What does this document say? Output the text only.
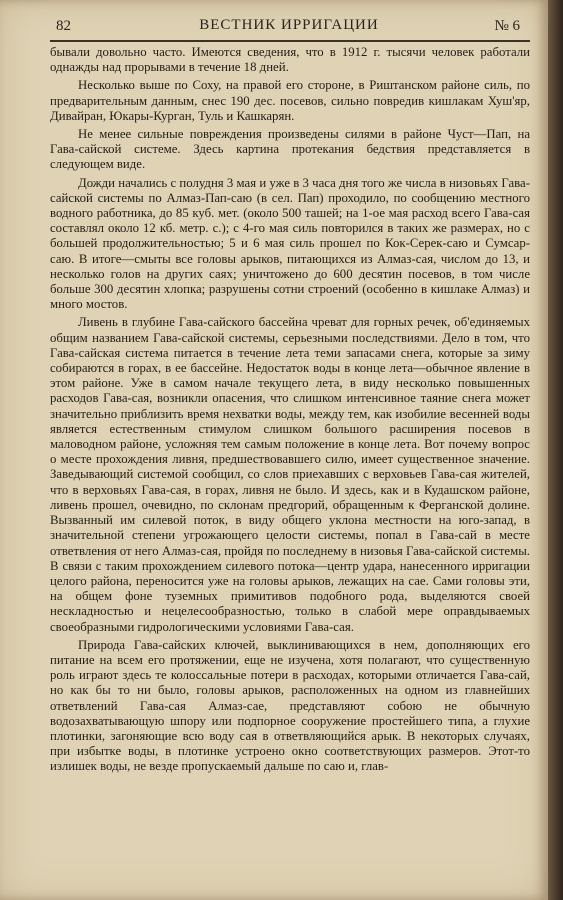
82	ВЕСТНИК ИРРИГАЦИИ	№ 6

бывали довольно часто. Имеются сведения, что в 1912 г. тысячи человек работали однажды над прорывами в течение 18 дней.

Несколько выше по Соху, на правой его стороне, в Риштанском районе силь, по предварительным данным, снес 190 дес. посевов, сильно повредив кишлакам Хуш'яр, Дивайран, Юкары-Курган, Туль и Кашкарян.

Не менее сильные повреждения произведены силями в районе Чуст—Пап, на Гава-сайской системе. Здесь картина протекания бедствия представляется в следующем виде.

Дожди начались с полудня 3 мая и уже в 3 часа дня того же числа в низовьях Гава-сайской системы по Алмаз-Пап-саю (в сел. Пап) проходило, по сообщению местного водного работника, до 85 куб. мет. (около 500 ташей; на 1-ое мая расход всего Гава-сая составлял около 12 кб. метр. с.); с 4-го мая силь повторился в таких же размерах, но с большей продолжительностью; 5 и 6 мая силь прошел по Кок-Серек-саю и Сумсар-саю. В итоге—смыты все головы арыков, питающихся из Алмаз-сая, числом до 13, и несколько голов на других саях; уничтожено до 600 десятин посевов, в том числе больше 300 десятин хлопка; разрушены сотни строений (особенно в кишлаке Алмаз) и много мостов.

Ливень в глубине Гава-сайского бассейна чреват для горных речек, об'единяемых общим названием Гава-сайской системы, серьезными последствиями. Дело в том, что Гава-сайская система питается в течение лета теми запасами снега, которые за зиму собираются в горах, в ее бассейне. Недостаток воды в конце лета—обычное явление в этом районе. Уже в самом начале текущего лета, в виду несколько повышенных расходов Гава-сая, возникли опасения, что слишком интенсивное таяние снега может значительно приблизить время нехватки воды, между тем, как изобилие весенней воды является естественным стимулом слишком большого расширения посевов в маловодном районе, усложняя тем самым положение в конце лета. Вот почему вопрос о месте прохождения ливня, предшествовавшего силю, имеет существенное значение. Заведывающий системой сообщил, со слов приехавших с верховьев Гава-сая жителей, что в верховьях Гава-сая, в горах, ливня не было. И здесь, как и в Кудашском районе, ливень прошел, очевидно, по склонам предгорий, обращенным к Ферганской долине. Вызванный им силевой поток, в виду общего уклона местности на юго-запад, в значительной степени угрожающего целости системы, попал в Гава-сай в месте ответвления от него Алмаз-сая, пройдя по последнему в низовья Гава-сайской системы. В связи с таким прохождением силевого потока—центр удара, нанесенного ирригации целого района, переносится уже на головы арыков, лежащих на сае. Сами головы эти, на общем фоне туземных примитивов подобного рода, выделяются своей нескладностью и нецелесообразностью, только в слабой мере оправдываемых своеобразными гидрологическими условиями Гава-сая.

Природа Гава-сайских ключей, выклинивающихся в нем, дополняющих его питание на всем его протяжении, еще не изучена, хотя полагают, что существенную роль играют здесь те колоссальные потери в расходах, которыми отличается Гава-сай, но как бы то ни было, головы арыков, расположенных на одном из главнейших ответвлений Гава-сая Алмаз-сае, представляют собою не обычную водозахватывающую шпору или подпорное сооружение простейшего типа, а глухие плотинки, загоняющие всю воду сая в ответвляющийся арык. В некоторых случаях, при избытке воды, в плотинке устроено окно соответствующих размеров. Этот-то излишек воды, не везде пропускаемый дальше по саю и, глав-
